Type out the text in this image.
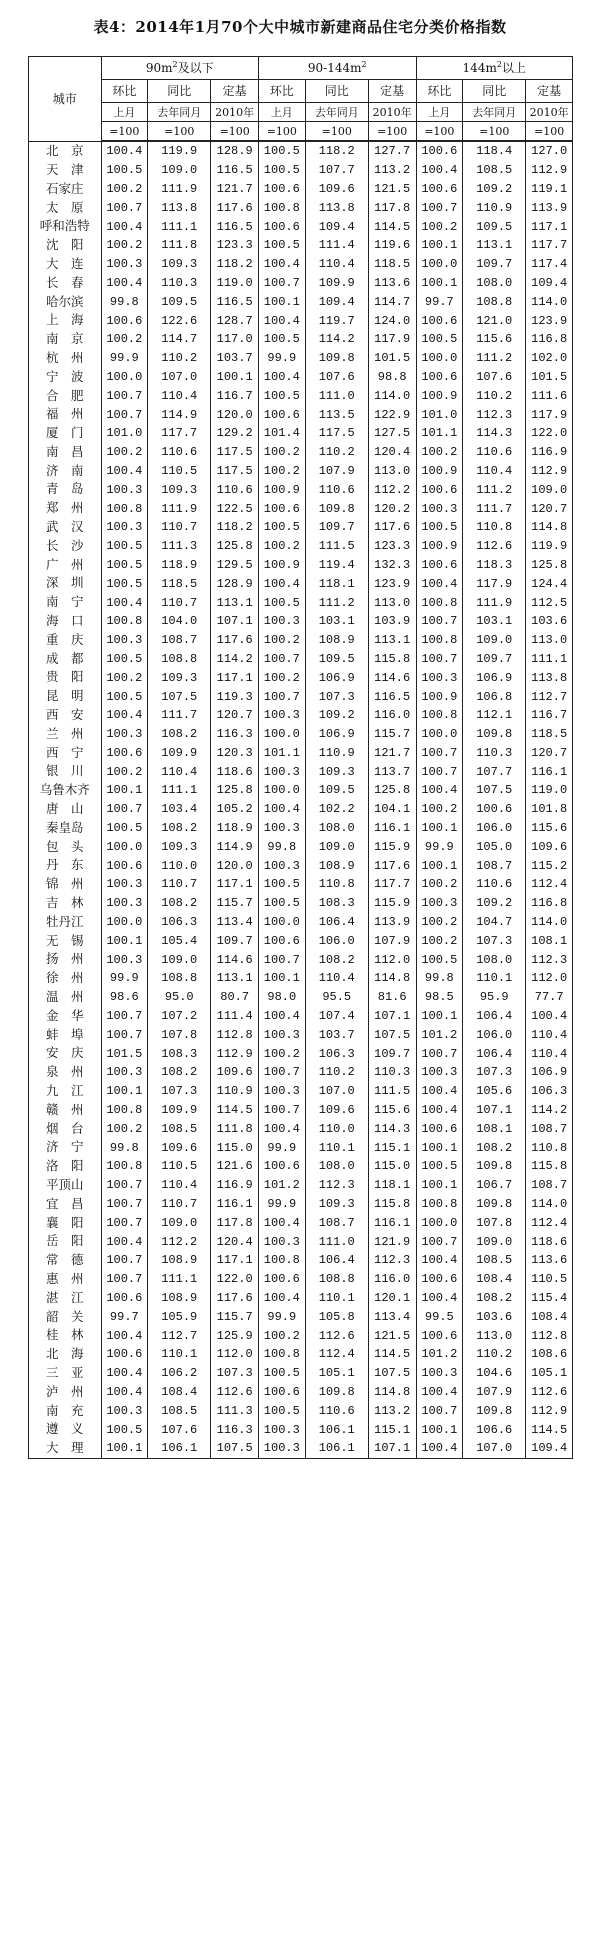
表4：2014年1月70个大中城市新建商品住宅分类价格指数
城市	$90m^2$及以下			$90-144m^2$			$144m^2$以上		
	环比	同比	定基	环比	同比	定基	环比	同比	定基
	上月	去年同月	2010年	上月	去年同月	2010年	上月	去年同月	2010年
	=100	=100	=100	=100	=100	=100	=100	=100	=100
北　京	100.4	119.9	128.9	100.5	118.2	127.7	100.6	118.4	127.0
天　津	100.5	109.0	116.5	100.5	107.7	113.2	100.4	108.5	112.9
石家庄	100.2	111.9	121.7	100.6	109.6	121.5	100.6	109.2	119.1
太　原	100.7	113.8	117.6	100.8	113.8	117.8	100.7	110.9	113.9
呼和浩特	100.4	111.1	116.5	100.6	109.4	114.5	100.2	109.5	117.1
沈　阳	100.2	111.8	123.3	100.5	111.4	119.6	100.1	113.1	117.7
大　连	100.3	109.3	118.2	100.4	110.4	118.5	100.0	109.7	117.4
长　春	100.4	110.3	119.0	100.7	109.9	113.6	100.1	108.0	109.4
哈尔滨	99.8	109.5	116.5	100.1	109.4	114.7	99.7	108.8	114.0
上　海	100.6	122.6	128.7	100.4	119.7	124.0	100.6	121.0	123.9
南　京	100.2	114.7	117.0	100.5	114.2	117.9	100.5	115.6	116.8
杭　州	99.9	110.2	103.7	99.9	109.8	101.5	100.0	111.2	102.0
宁　波	100.0	107.0	100.1	100.4	107.6	98.8	100.6	107.6	101.5
合　肥	100.7	110.4	116.7	100.5	111.0	114.0	100.9	110.2	111.6
福　州	100.7	114.9	120.0	100.6	113.5	122.9	101.0	112.3	117.9
厦　门	101.0	117.7	129.2	101.4	117.5	127.5	101.1	114.3	122.0
南　昌	100.2	110.6	117.5	100.2	110.2	120.4	100.2	110.6	116.9
济　南	100.4	110.5	117.5	100.2	107.9	113.0	100.9	110.4	112.9
青　岛	100.3	109.3	110.6	100.9	110.6	112.2	100.6	111.2	109.0
郑　州	100.8	111.9	122.5	100.6	109.8	120.2	100.3	111.7	120.7
武　汉	100.3	110.7	118.2	100.5	109.7	117.6	100.5	110.8	114.8
长　沙	100.5	111.3	125.8	100.2	111.5	123.3	100.9	112.6	119.9
广　州	100.5	118.9	129.5	100.9	119.4	132.3	100.6	118.3	125.8
深　圳	100.5	118.5	128.9	100.4	118.1	123.9	100.4	117.9	124.4
南　宁	100.4	110.7	113.1	100.5	111.2	113.0	100.8	111.9	112.5
海　口	100.8	104.0	107.1	100.3	103.1	103.9	100.7	103.1	103.6
重　庆	100.3	108.7	117.6	100.2	108.9	113.1	100.8	109.0	113.0
成　都	100.5	108.8	114.2	100.7	109.5	115.8	100.7	109.7	111.1
贵　阳	100.2	109.3	117.1	100.2	106.9	114.6	100.3	106.9	113.8
昆　明	100.5	107.5	119.3	100.7	107.3	116.5	100.9	106.8	112.7
西　安	100.4	111.7	120.7	100.3	109.2	116.0	100.8	112.1	116.7
兰　州	100.3	108.2	116.3	100.0	106.9	115.7	100.0	109.8	118.5
西　宁	100.6	109.9	120.3	101.1	110.9	121.7	100.7	110.3	120.7
银　川	100.2	110.4	118.6	100.3	109.3	113.7	100.7	107.7	116.1
乌鲁木齐	100.1	111.1	125.8	100.0	109.5	125.8	100.4	107.5	119.0
唐　山	100.7	103.4	105.2	100.4	102.2	104.1	100.2	100.6	101.8
秦皇岛	100.5	108.2	118.9	100.3	108.0	116.1	100.1	106.0	115.6
包　头	100.0	109.3	114.9	99.8	109.0	115.9	99.9	105.0	109.6
丹　东	100.6	110.0	120.0	100.3	108.9	117.6	100.1	108.7	115.2
锦　州	100.3	110.7	117.1	100.5	110.8	117.7	100.2	110.6	112.4
吉　林	100.3	108.2	115.7	100.5	108.3	115.9	100.3	109.2	116.8
牡丹江	100.0	106.3	113.4	100.0	106.4	113.9	100.2	104.7	114.0
无　锡	100.1	105.4	109.7	100.6	106.0	107.9	100.2	107.3	108.1
扬　州	100.3	109.0	114.6	100.7	108.2	112.0	100.5	108.0	112.3
徐　州	99.9	108.8	113.1	100.1	110.4	114.8	99.8	110.1	112.0
温　州	98.6	95.0	80.7	98.0	95.5	81.6	98.5	95.9	77.7
金　华	100.7	107.2	111.4	100.4	107.4	107.1	100.1	106.4	100.4
蚌　埠	100.7	107.8	112.8	100.3	103.7	107.5	101.2	106.0	110.4
安　庆	101.5	108.3	112.9	100.2	106.3	109.7	100.7	106.4	110.4
泉　州	100.3	108.2	109.6	100.7	110.2	110.3	100.3	107.3	106.9
九　江	100.1	107.3	110.9	100.3	107.0	111.5	100.4	105.6	106.3
赣　州	100.8	109.9	114.5	100.7	109.6	115.6	100.4	107.1	114.2
烟　台	100.2	108.5	111.8	100.4	110.0	114.3	100.6	108.1	108.7
济　宁	99.8	109.6	115.0	99.9	110.1	115.1	100.1	108.2	110.8
洛　阳	100.8	110.5	121.6	100.6	108.0	115.0	100.5	109.8	115.8
平顶山	100.7	110.4	116.9	101.2	112.3	118.1	100.1	106.7	108.7
宜　昌	100.7	110.7	116.1	99.9	109.3	115.8	100.8	109.8	114.0
襄　阳	100.7	109.0	117.8	100.4	108.7	116.1	100.0	107.8	112.4
岳　阳	100.4	112.2	120.4	100.3	111.0	121.9	100.7	109.0	118.6
常　德	100.7	108.9	117.1	100.8	106.4	112.3	100.4	108.5	113.6
惠　州	100.7	111.1	122.0	100.6	108.8	116.0	100.6	108.4	110.5
湛　江	100.6	108.9	117.6	100.4	110.1	120.1	100.4	108.2	115.4
韶　关	99.7	105.9	115.7	99.9	105.8	113.4	99.5	103.6	108.4
桂　林	100.4	112.7	125.9	100.2	112.6	121.5	100.6	113.0	112.8
北　海	100.6	110.1	112.0	100.8	112.4	114.5	101.2	110.2	108.6
三　亚	100.4	106.2	107.3	100.5	105.1	107.5	100.3	104.6	105.1
泸　州	100.4	108.4	112.6	100.6	109.8	114.8	100.4	107.9	112.6
南　充	100.3	108.5	111.3	100.5	110.6	113.2	100.7	109.8	112.9
遵　义	100.5	107.6	116.3	100.3	106.1	115.1	100.1	106.6	114.5
大　理	100.1	106.1	107.5	100.3	106.1	107.1	100.4	107.0	109.4
